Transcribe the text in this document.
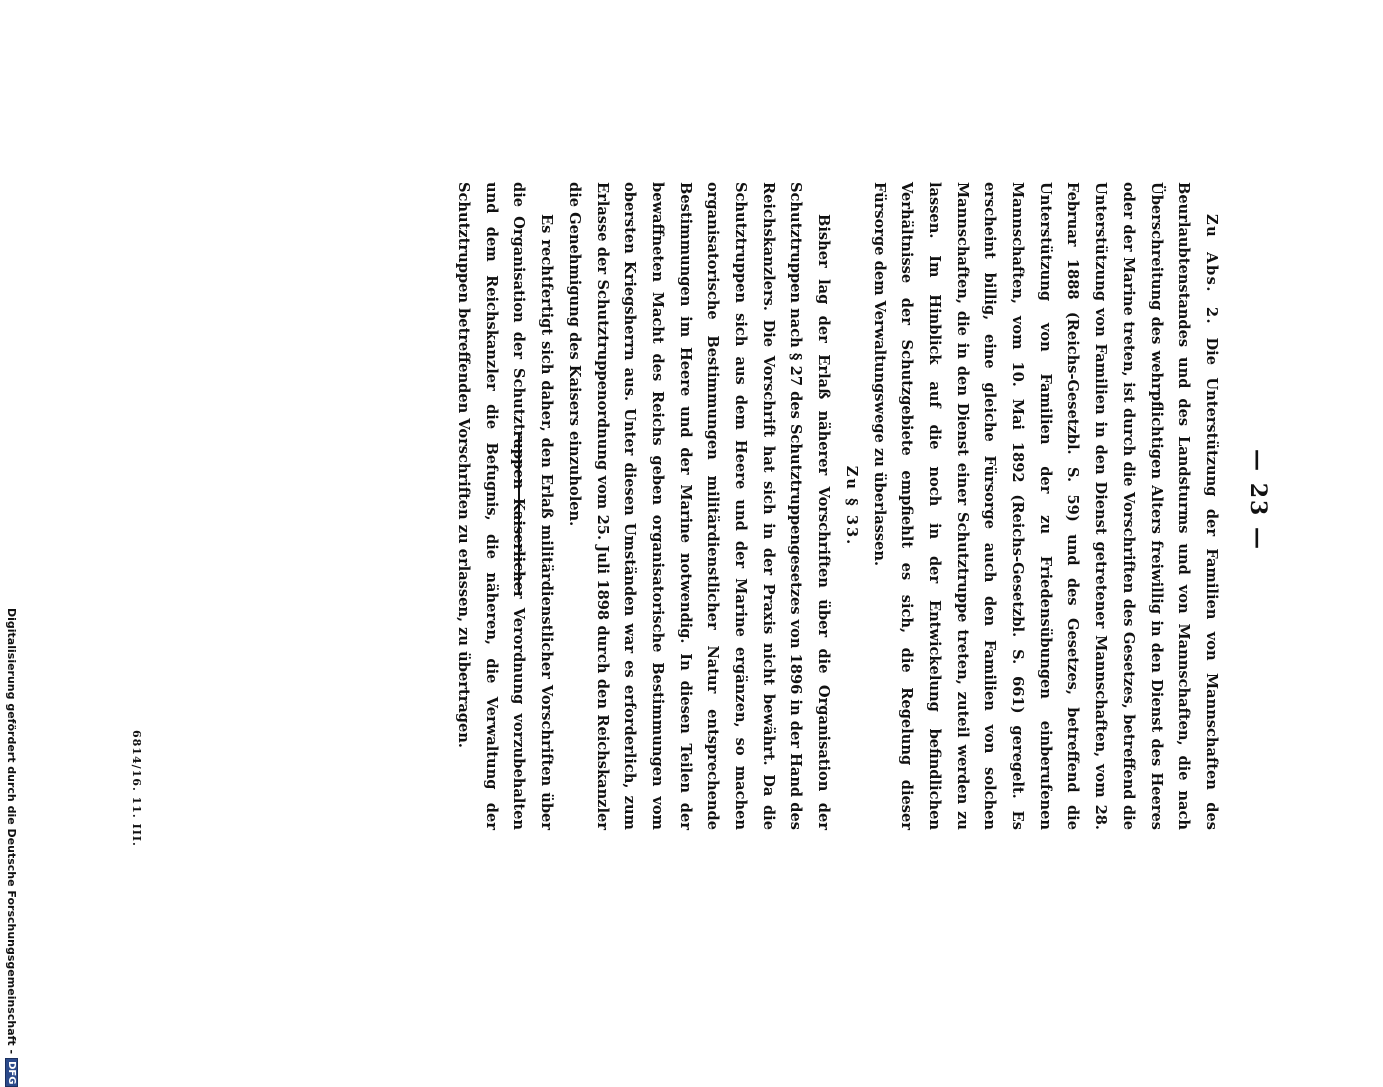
— 23 —

Zu Abs. 2. Die Unterstützung der Familien von Mannschaften des Beurlaubtenstandes und des Landsturms und von Mannschaften, die nach Überschreitung des wehrpflichtigen Alters freiwillig in den Dienst des Heeres oder der Marine treten, ist durch die Vorschriften des Gesetzes, betreffend die Unterstützung von Familien in den Dienst getretener Mannschaften, vom 28. Februar 1888 (Reichs-Gesetzbl. S. 59) und des Gesetzes, betreffend die Unterstützung von Familien der zu Friedensübungen einberufenen Mannschaften, vom 10. Mai 1892 (Reichs-Gesetzbl. S. 661) geregelt. Es erscheint billig, eine gleiche Fürsorge auch den Familien von solchen Mannschaften, die in den Dienst einer Schutztruppe treten, zuteil werden zu lassen. Im Hinblick auf die noch in der Entwickelung befindlichen Verhältnisse der Schutzgebiete empfiehlt es sich, die Regelung dieser Fürsorge dem Verwaltungswege zu überlassen.

Zu § 33.

Bisher lag der Erlaß näherer Vorschriften über die Organisation der Schutztruppen nach § 27 des Schutztruppengesetzes von 1896 in der Hand des Reichskanzlers. Die Vorschrift hat sich in der Praxis nicht bewährt. Da die Schutztruppen sich aus dem Heere und der Marine ergänzen, so machen organisatorische Bestimmungen militärdienstlicher Natur entsprechende Bestimmungen im Heere und der Marine notwendig. In diesen Teilen der bewaffneten Macht des Reichs geben organisatorische Bestimmungen vom obersten Kriegsherrn aus. Unter diesen Umständen war es erforderlich, zum Erlasse der Schutztruppenordnung vom 25. Juli 1898 durch den Reichskanzler die Genehmigung des Kaisers einzuholen.

Es rechtfertigt sich daher, den Erlaß militärdienstlicher Vorschriften über die Organisation der Schutztruppen Kaiserlicher Verordnung vorzubehalten und dem Reichskanzler die Befugnis, die näheren, die Verwaltung der Schutztruppen betreffenden Vorschriften zu erlassen, zu übertragen.

6814/16. 11. III.
Digitalisierung gefördert durch die Deutsche Forschungsgemeinschaft -
DFG
